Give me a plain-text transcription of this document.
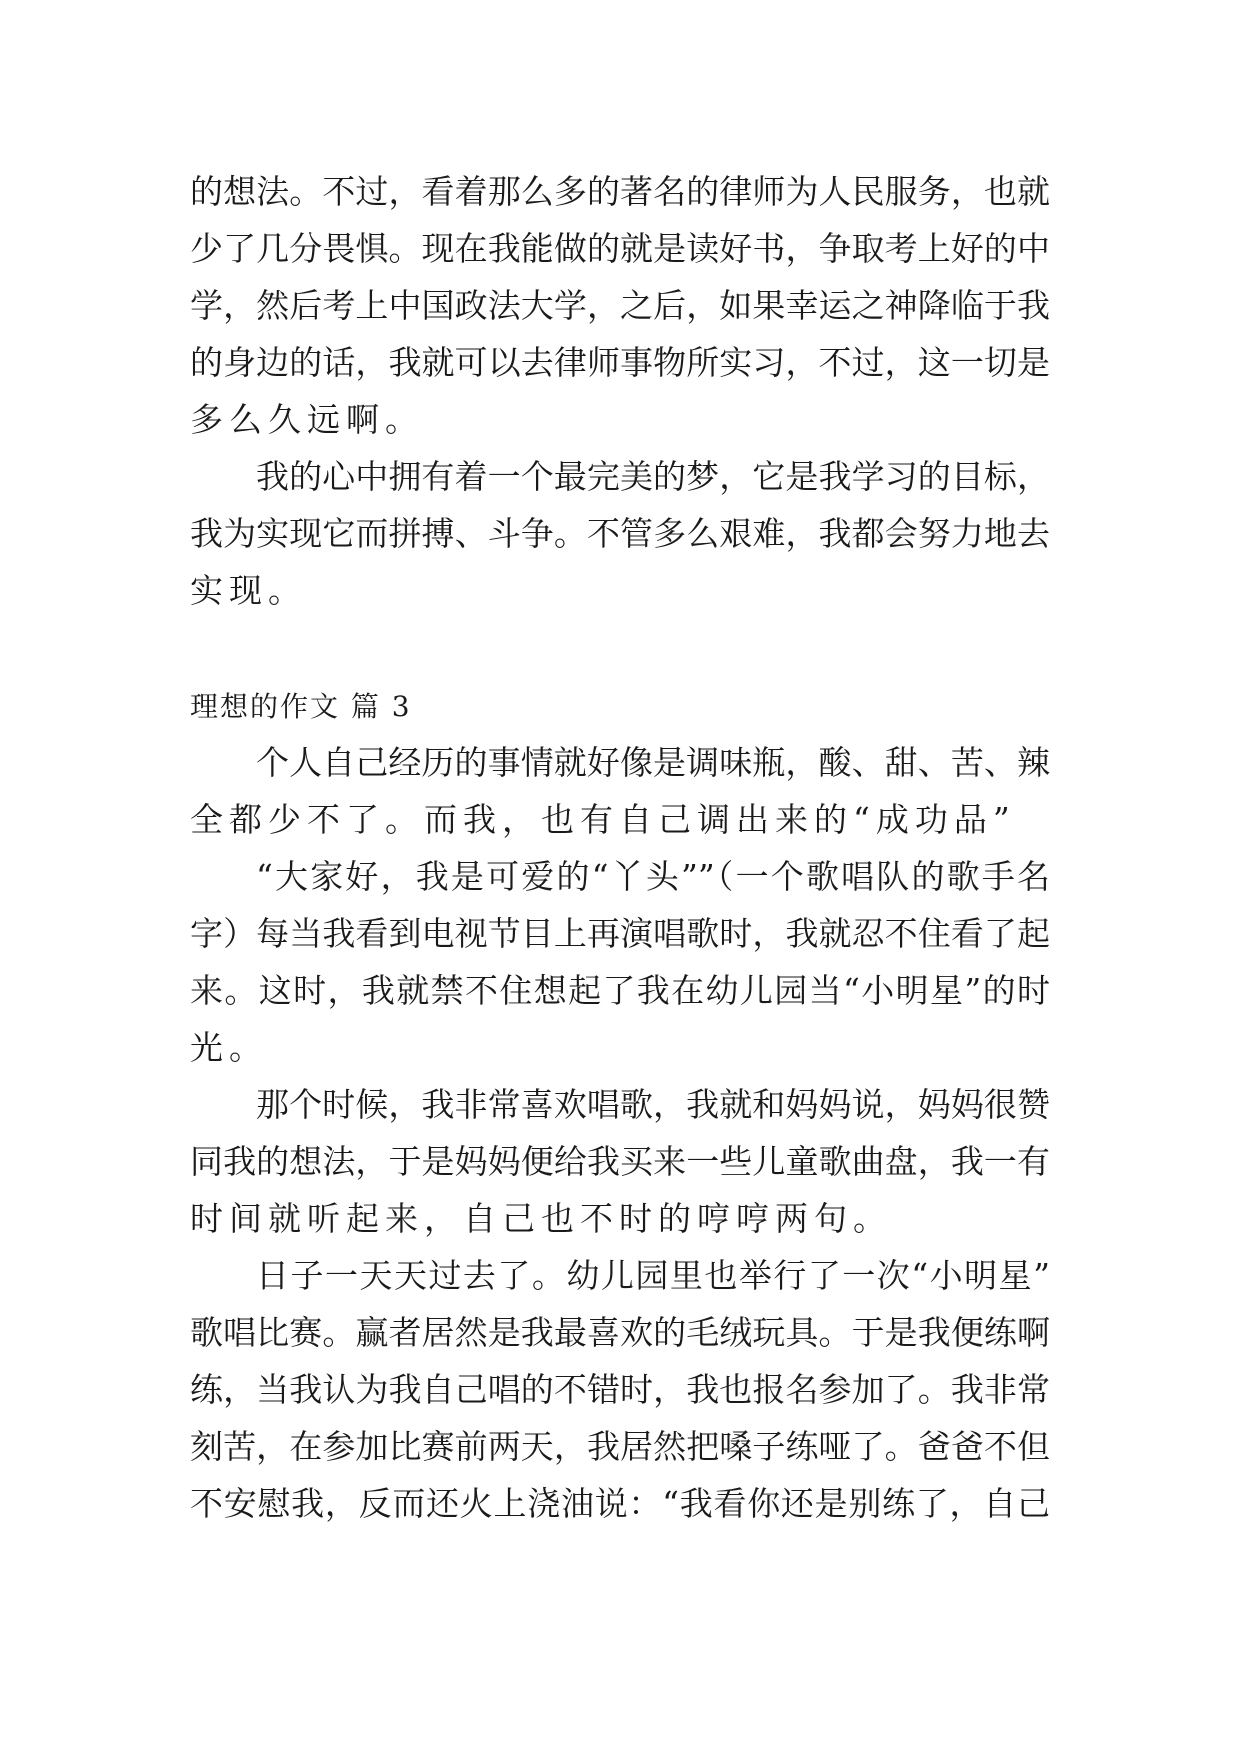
的想法。不过，看着那么多的著名的律师为人民服务，也就
少了几分畏惧。现在我能做的就是读好书，争取考上好的中
学，然后考上中国政法大学，之后，如果幸运之神降临于我
的身边的话，我就可以去律师事物所实习，不过，这一切是
多么久远啊。
我的心中拥有着一个最完美的梦，它是我学习的目标，
我为实现它而拼搏、斗争。不管多么艰难，我都会努力地去
实现。
理想的作文 篇 3
个人自己经历的事情就好像是调味瓶，酸、甜、苦、辣
全都少不了。而我，也有自己调出来的“成功品”
“大家好，我是可爱的“丫头””（一个歌唱队的歌手名
字）每当我看到电视节目上再演唱歌时，我就忍不住看了起
来。这时，我就禁不住想起了我在幼儿园当“小明星”的时
光。
那个时候，我非常喜欢唱歌，我就和妈妈说，妈妈很赞
同我的想法，于是妈妈便给我买来一些儿童歌曲盘，我一有
时间就听起来，自己也不时的哼哼两句。
日子一天天过去了。幼儿园里也举行了一次“小明星”
歌唱比赛。赢者居然是我最喜欢的毛绒玩具。于是我便练啊
练，当我认为我自己唱的不错时，我也报名参加了。我非常
刻苦，在参加比赛前两天，我居然把嗓子练哑了。爸爸不但
不安慰我，反而还火上浇油说：“我看你还是别练了，自己
